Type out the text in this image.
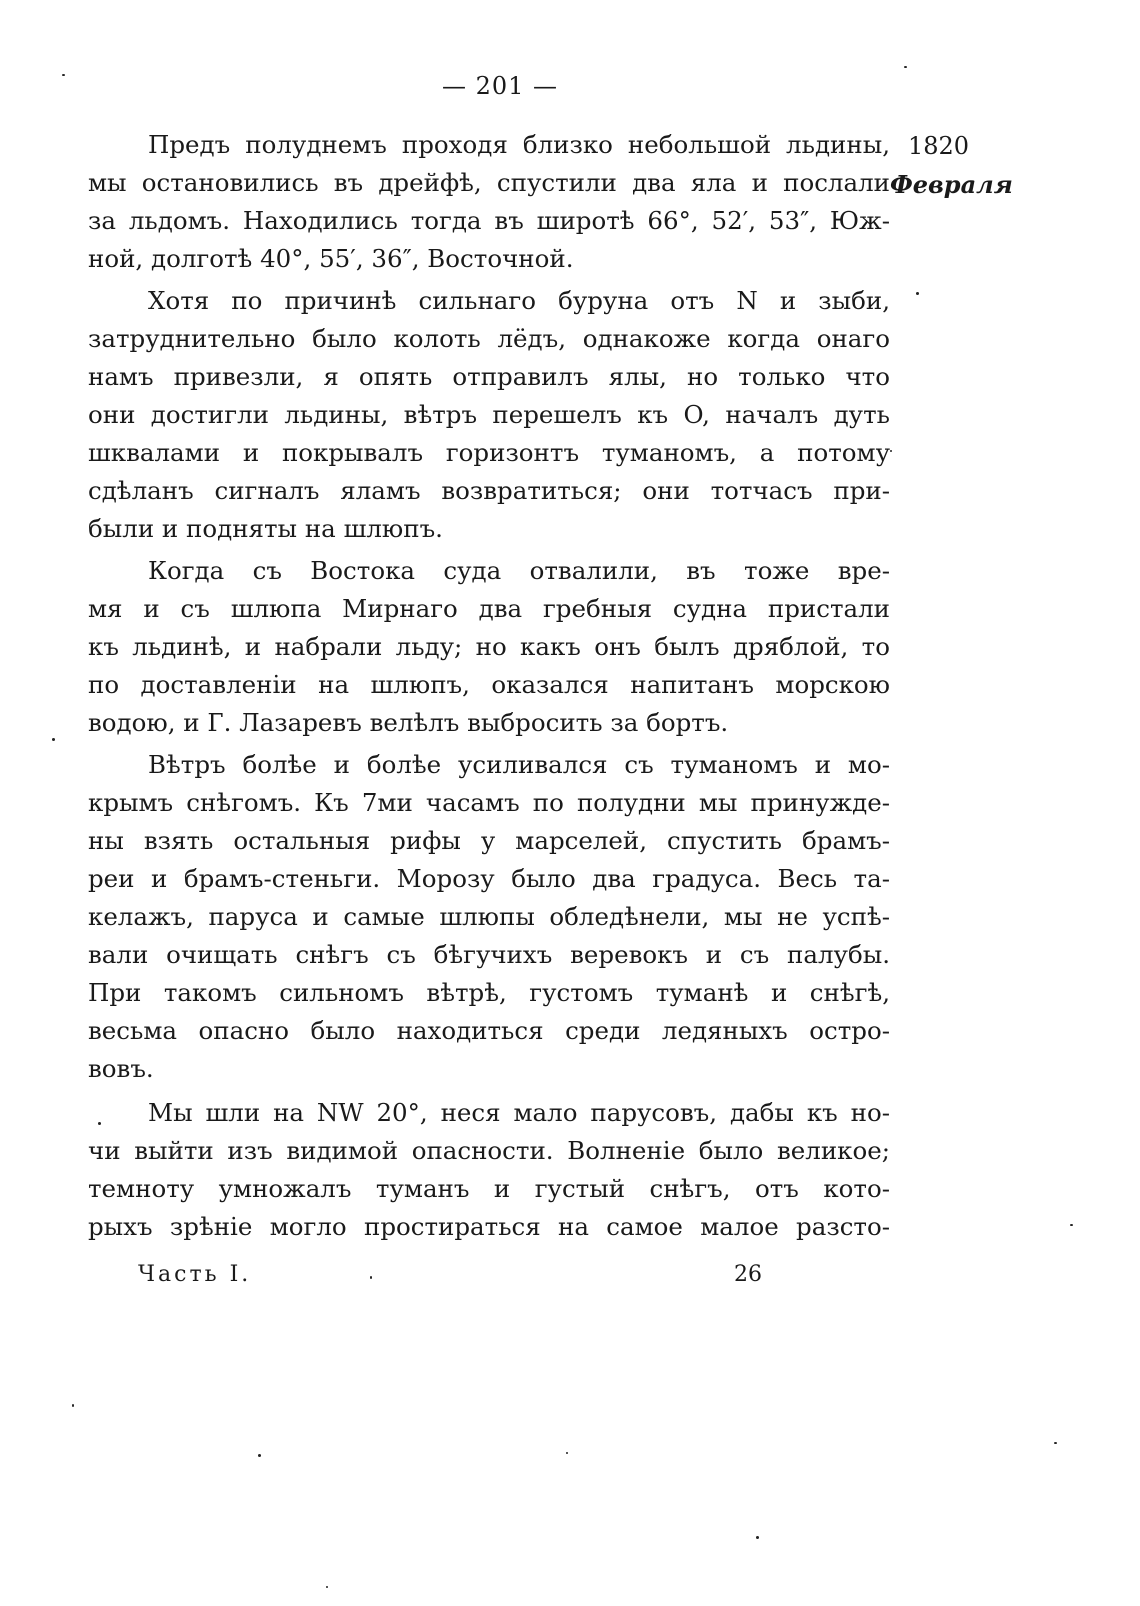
— 201 —
1820
Февраля
Предъ полуднемъ проходя близко небольшой льдины,
мы остановились въ дрейфѣ, спустили два яла и послали
за льдомъ. Находились тогда въ широтѣ 66°, 52′, 53″, Юж-
ной, долготѣ 40°, 55′, 36″, Восточной.
Хотя по причинѣ сильнаго буруна отъ N и зыби,
затруднительно было колоть лёдъ, однакоже когда онаго
намъ привезли, я опять отправилъ ялы, но только что
они достигли льдины, вѣтръ перешелъ къ O, началъ дуть
шквалами и покрывалъ горизонтъ туманомъ, а потому
сдѣланъ сигналъ яламъ возвратиться; они тотчасъ при-
были и подняты на шлюпъ.
Когда съ Востока суда отвалили, въ тоже вре-
мя и съ шлюпа Мирнаго два гребныя судна пристали
къ льдинѣ, и набрали льду; но какъ онъ былъ дряблой, то
по доставленіи на шлюпъ, оказался напитанъ морскою
водою, и Г. Лазаревъ велѣлъ выбросить за бортъ.
Вѣтръ болѣе и болѣе усиливался съ туманомъ и мо-
крымъ снѣгомъ. Къ 7ми часамъ по полудни мы принужде-
ны взять остальныя рифы у марселей, спустить брамъ-
реи и брамъ-стеньги. Морозу было два градуса. Весь та-
келажъ, паруса и самые шлюпы обледѣнели, мы не успѣ-
вали очищать снѣгъ съ бѣгучихъ веревокъ и съ палубы.
При такомъ сильномъ вѣтрѣ, густомъ туманѣ и снѣгѣ,
весьма опасно было находиться среди ледяныхъ остро-
вовъ.
Мы шли на NW 20°, неся мало парусовъ, дабы къ но-
чи выйти изъ видимой опасности. Волненіе было великое;
темноту умножалъ туманъ и густый снѣгъ, отъ кото-
рыхъ зрѣніе могло простираться на самое малое разсто-
Часть I.	26
